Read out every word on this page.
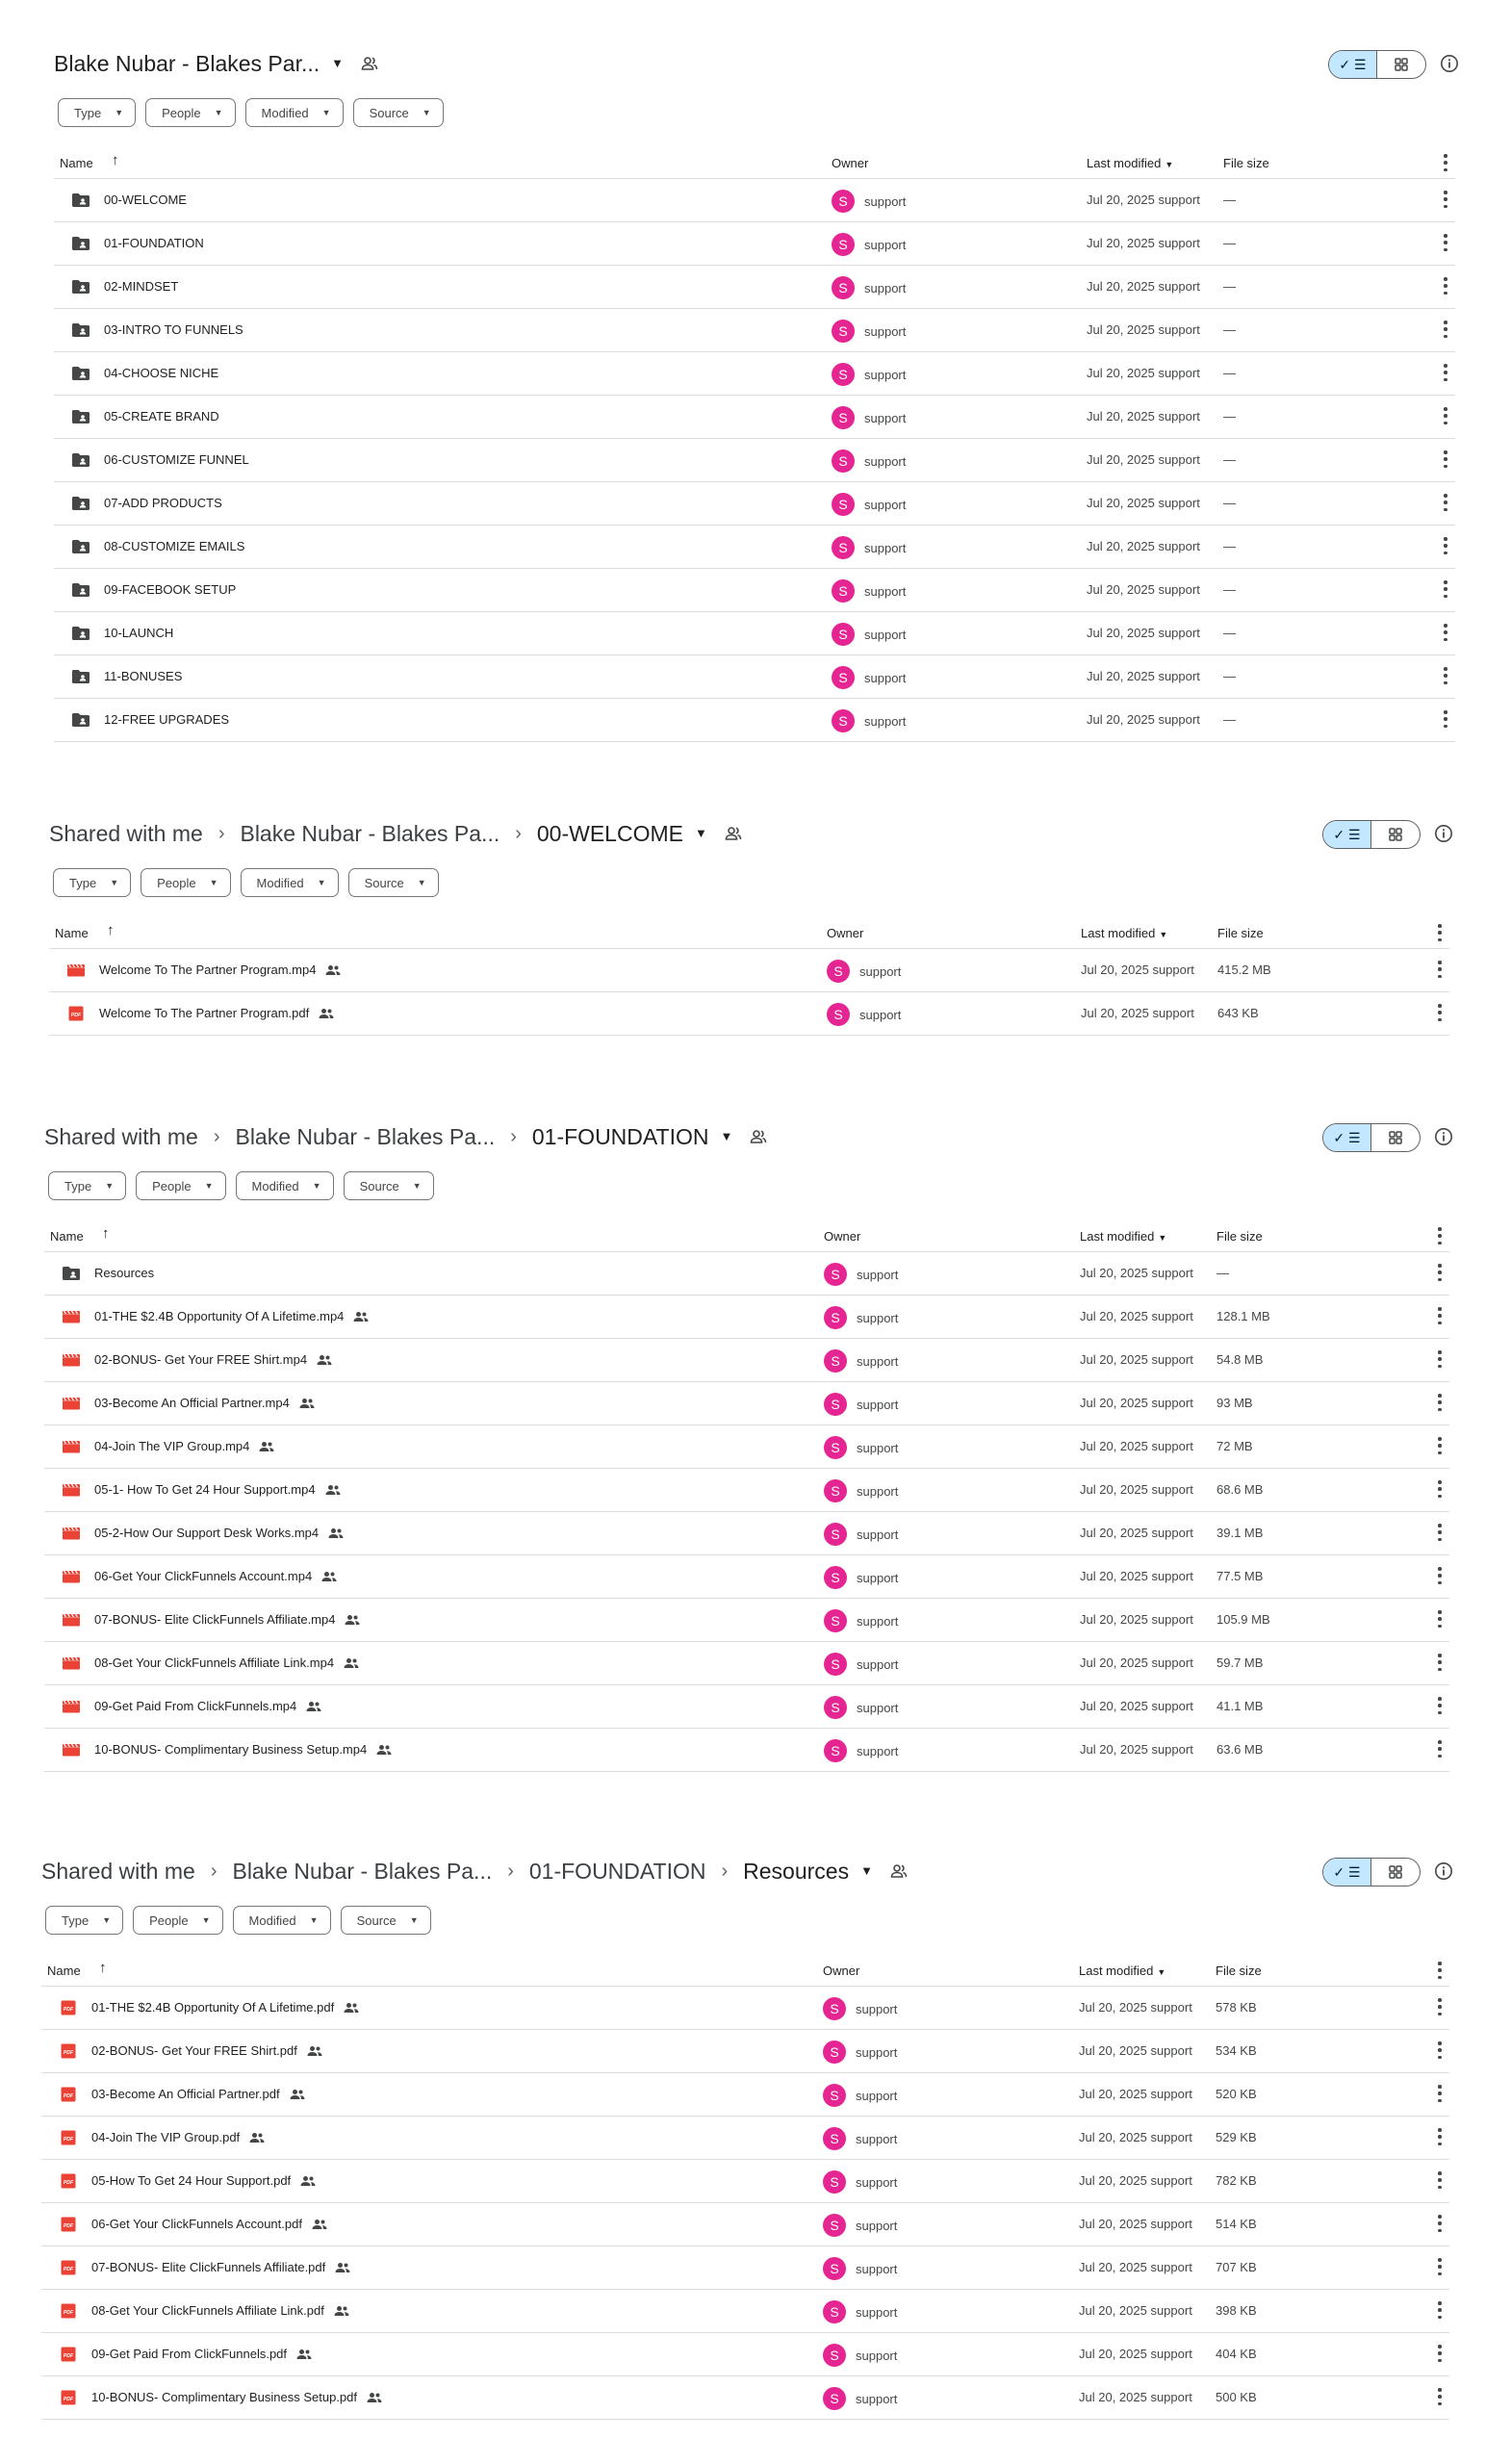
Blake Nubar - Blakes Par... ▼	✓ ☰
Type ▼	People ▼	Modified ▼	Source ▼
Name ↑	Owner	Last modified ▼	File size
00-WELCOME	S	support	Jul 20, 2025 support —
01-FOUNDATION	S	support	Jul 20, 2025 support —
02-MINDSET	S	support	Jul 20, 2025 support —
03-INTRO TO FUNNELS	S	support	Jul 20, 2025 support —
04-CHOOSE NICHE	S	support	Jul 20, 2025 support —
05-CREATE BRAND	S	support	Jul 20, 2025 support —
06-CUSTOMIZE FUNNEL	S	support	Jul 20, 2025 support —
07-ADD PRODUCTS	S	support	Jul 20, 2025 support —
08-CUSTOMIZE EMAILS	S	support	Jul 20, 2025 support —
09-FACEBOOK SETUP	S	support	Jul 20, 2025 support —
10-LAUNCH	S	support	Jul 20, 2025 support —
11-BONUSES	S	support	Jul 20, 2025 support —
12-FREE UPGRADES	S	support	Jul 20, 2025 support —
Shared with me › Blake Nubar - Blakes Pa... › 00-WELCOME ▼	✓ ☰
Type ▼	People ▼	Modified ▼	Source ▼
Name ↑	Owner	Last modified ▼	File size
Welcome To The Partner Program.mp4	S	support	Jul 20, 2025 support 415.2 MB
PDF Welcome To The Partner Program.pdf	S	support	Jul 20, 2025 support 643 KB
Shared with me › Blake Nubar - Blakes Pa... › 01-FOUNDATION ▼	✓ ☰
Type ▼	People ▼	Modified ▼	Source ▼
Name ↑	Owner	Last modified ▼	File size
Resources	S	support	Jul 20, 2025 support —
01-THE $2.4B Opportunity Of A Lifetime.mp4	S	support	Jul 20, 2025 support 128.1 MB
02-BONUS- Get Your FREE Shirt.mp4	S	support	Jul 20, 2025 support 54.8 MB
03-Become An Official Partner.mp4	S	support	Jul 20, 2025 support 93 MB
04-Join The VIP Group.mp4	S	support	Jul 20, 2025 support 72 MB
05-1- How To Get 24 Hour Support.mp4	S	support	Jul 20, 2025 support 68.6 MB
05-2-How Our Support Desk Works.mp4	S	support	Jul 20, 2025 support 39.1 MB
06-Get Your ClickFunnels Account.mp4	S	support	Jul 20, 2025 support 77.5 MB
07-BONUS- Elite ClickFunnels Affiliate.mp4	S	support	Jul 20, 2025 support 105.9 MB
08-Get Your ClickFunnels Affiliate Link.mp4	S	support	Jul 20, 2025 support 59.7 MB
09-Get Paid From ClickFunnels.mp4	S	support	Jul 20, 2025 support 41.1 MB
10-BONUS- Complimentary Business Setup.mp4	S	support	Jul 20, 2025 support 63.6 MB
Shared with me › Blake Nubar - Blakes Pa... › 01-FOUNDATION › Resources ▼	✓ ☰
Type ▼	People ▼	Modified ▼	Source ▼
Name ↑	Owner	Last modified ▼	File size
PDF 01-THE $2.4B Opportunity Of A Lifetime.pdf	S	support	Jul 20, 2025 support 578 KB
PDF 02-BONUS- Get Your FREE Shirt.pdf	S	support	Jul 20, 2025 support 534 KB
PDF 03-Become An Official Partner.pdf	S	support	Jul 20, 2025 support 520 KB
PDF 04-Join The VIP Group.pdf	S	support	Jul 20, 2025 support 529 KB
PDF 05-How To Get 24 Hour Support.pdf	S	support	Jul 20, 2025 support 782 KB
PDF 06-Get Your ClickFunnels Account.pdf	S	support	Jul 20, 2025 support 514 KB
PDF 07-BONUS- Elite ClickFunnels Affiliate.pdf	S	support	Jul 20, 2025 support 707 KB
PDF 08-Get Your ClickFunnels Affiliate Link.pdf	S	support	Jul 20, 2025 support 398 KB
PDF 09-Get Paid From ClickFunnels.pdf	S	support	Jul 20, 2025 support 404 KB
PDF 10-BONUS- Complimentary Business Setup.pdf	S	support	Jul 20, 2025 support 500 KB
